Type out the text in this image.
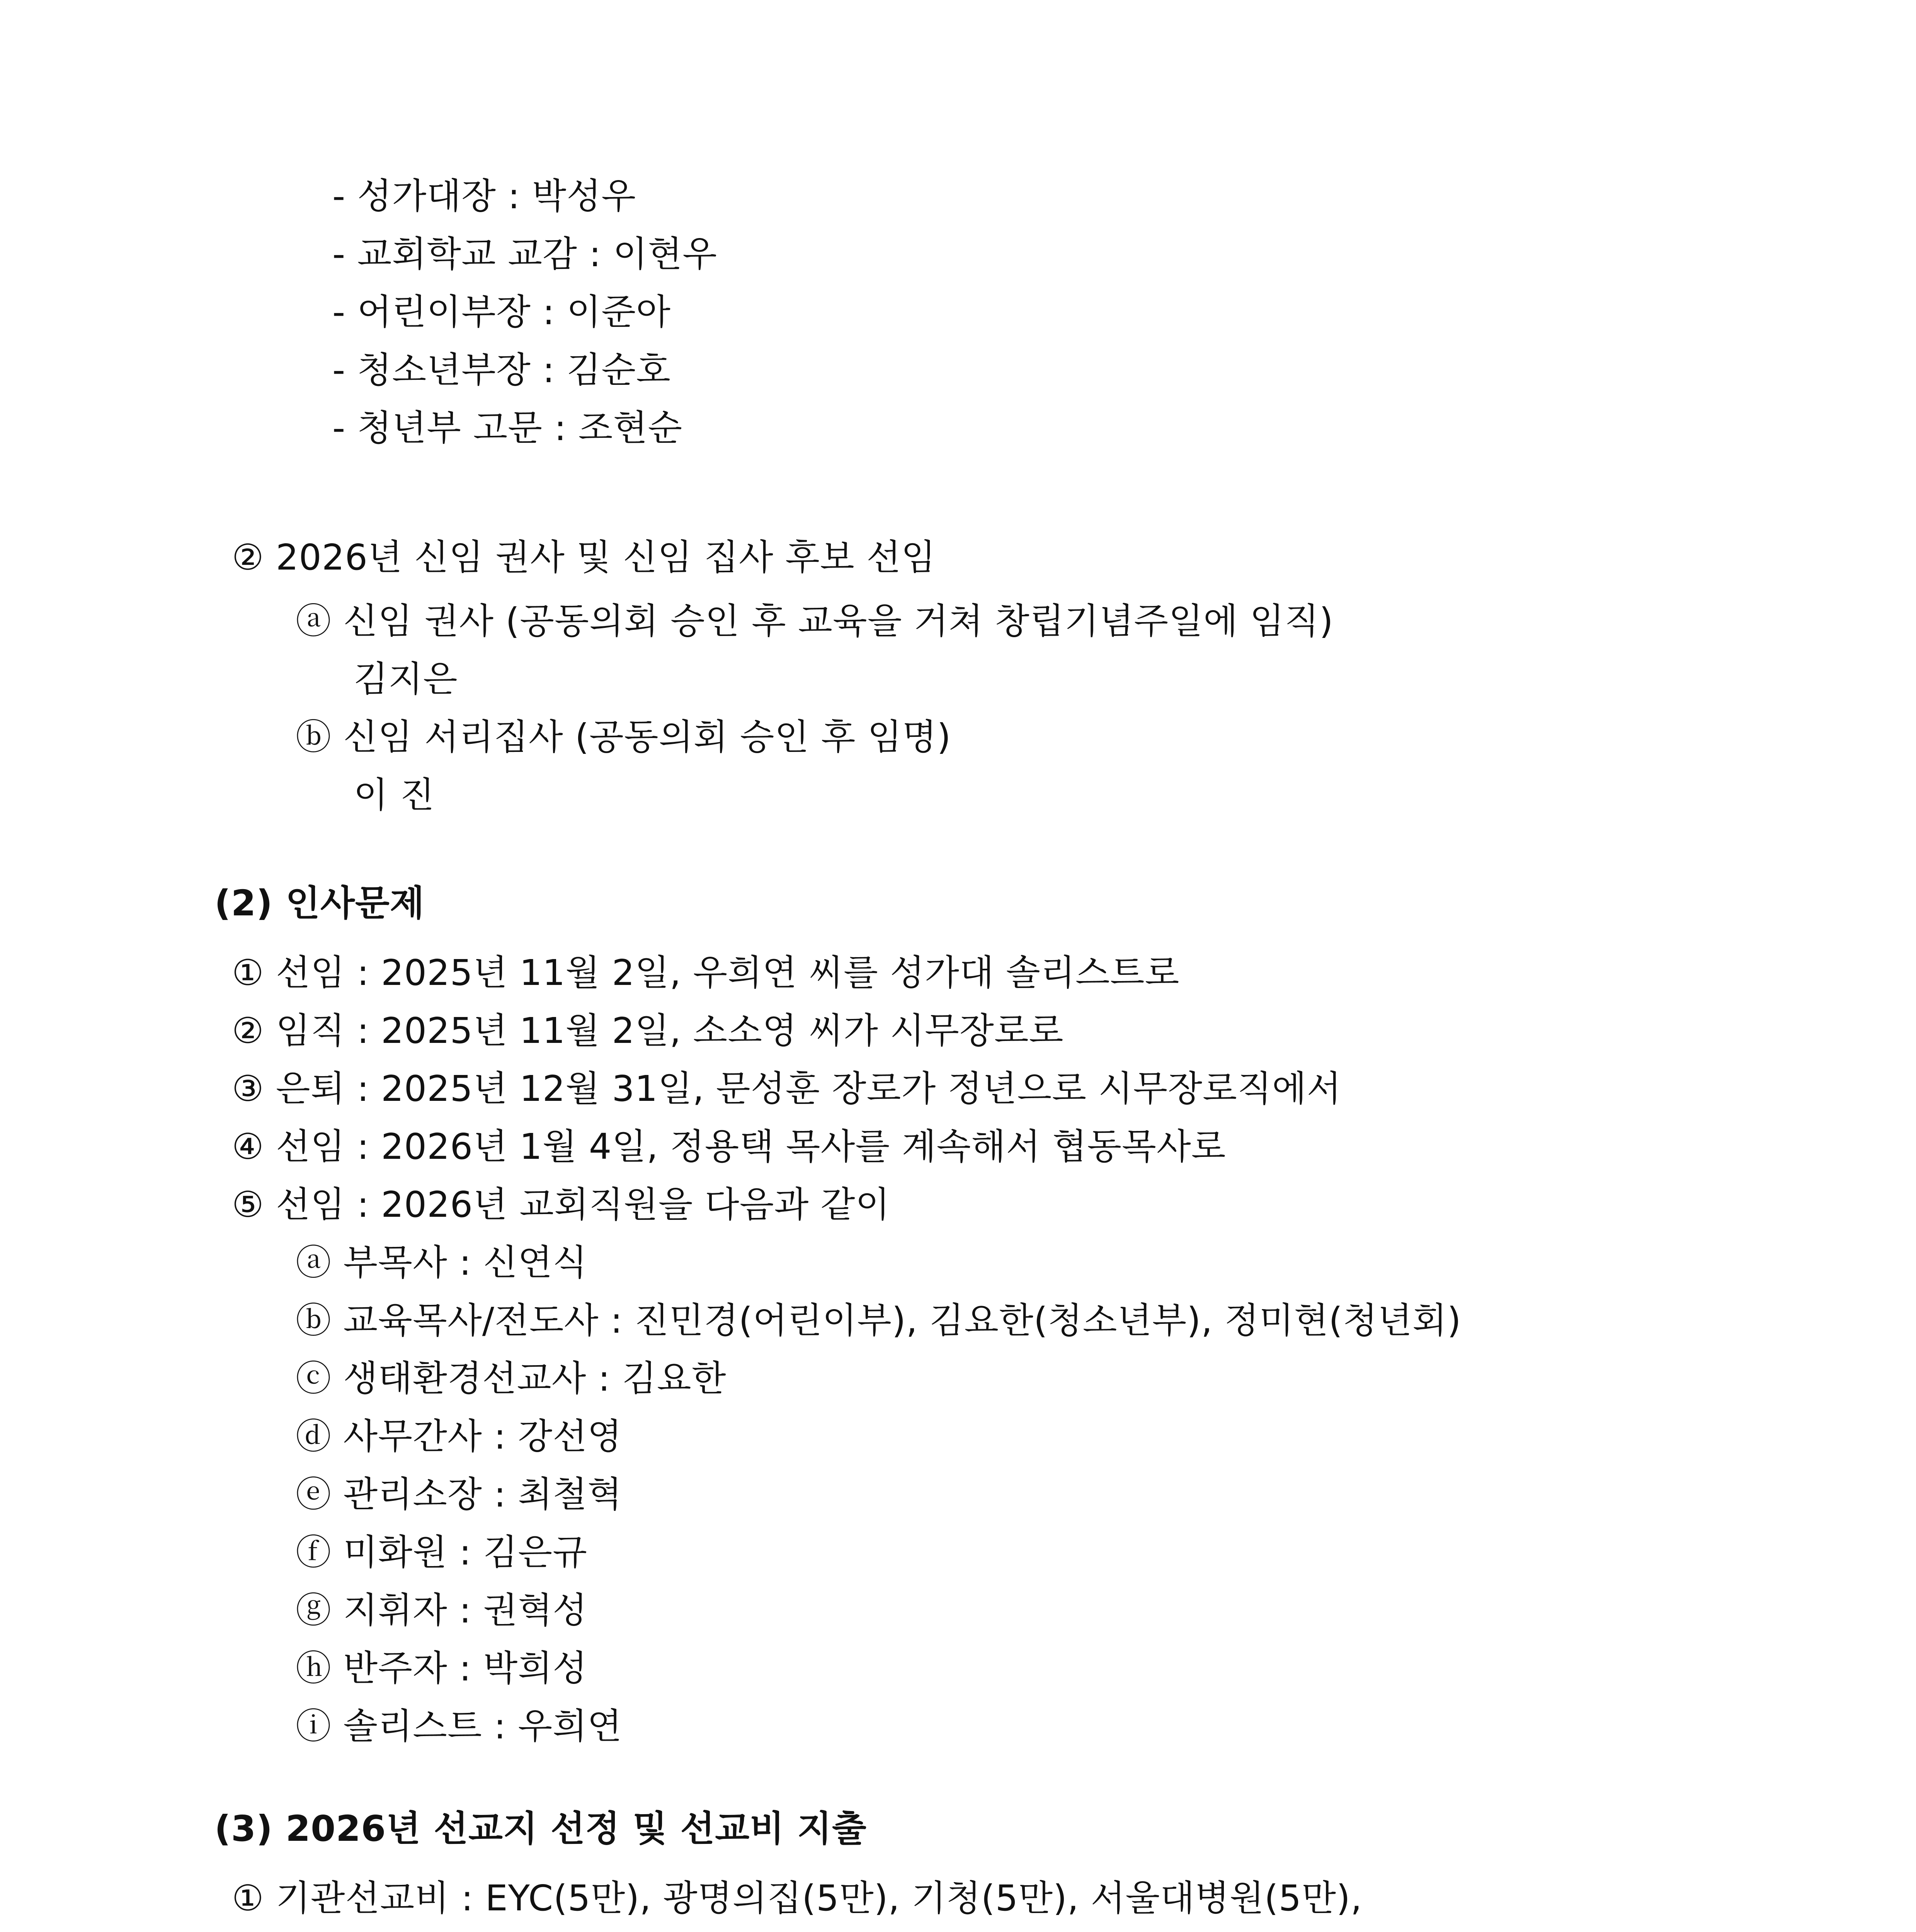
- 성가대장 : 박성우
- 교회학교 교감 : 이현우
- 어린이부장 : 이준아
- 청소년부장 : 김순호
- 청년부 고문 : 조현순
② 2026년 신임 권사 및 신임 집사 후보 선임
ⓐ 신임 권사 (공동의회 승인 후 교육을 거쳐 창립기념주일에 임직)
김지은
ⓑ 신임 서리집사 (공동의회 승인 후 임명)
이 진
(2) 인사문제
① 선임 : 2025년 11월 2일, 우희연 씨를 성가대 솔리스트로
② 임직 : 2025년 11월 2일, 소소영 씨가 시무장로로
③ 은퇴 : 2025년 12월 31일, 문성훈 장로가 정년으로 시무장로직에서
④ 선임 : 2026년 1월 4일, 정용택 목사를 계속해서 협동목사로
⑤ 선임 : 2026년 교회직원을 다음과 같이
ⓐ 부목사 : 신연식
ⓑ 교육목사/전도사 : 진민경(어린이부), 김요한(청소년부), 정미현(청년회)
ⓒ 생태환경선교사 : 김요한
ⓓ 사무간사 : 강선영
ⓔ 관리소장 : 최철혁
ⓕ 미화원 : 김은규
ⓖ 지휘자 : 권혁성
ⓗ 반주자 : 박희성
ⓘ 솔리스트 : 우희연
(3) 2026년 선교지 선정 및 선교비 지출
① 기관선교비 : EYC(5만), 광명의집(5만), 기청(5만), 서울대병원(5만),
